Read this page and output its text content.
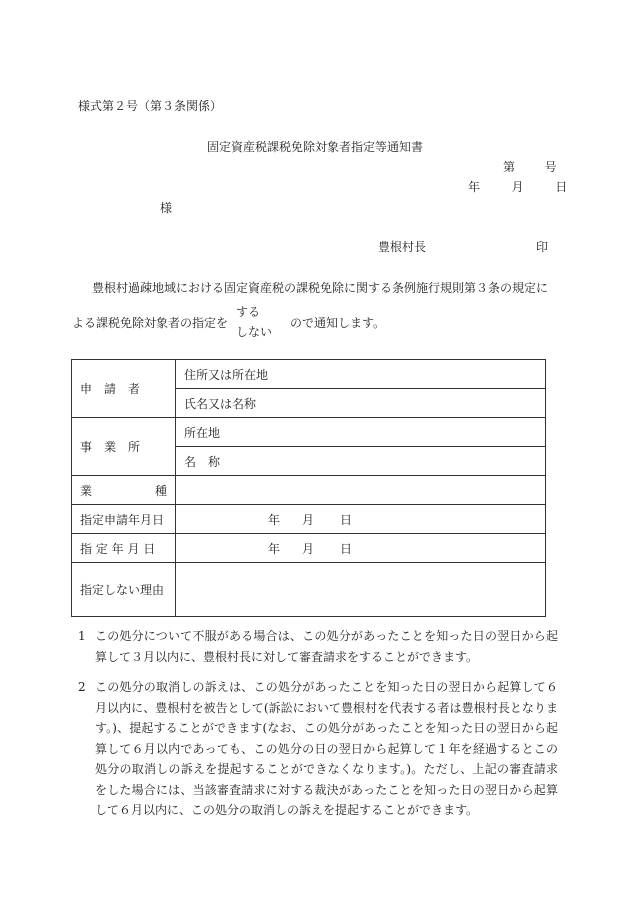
様式第２号（第３条関係）
固定資産税課税免除対象者指定等通知書
第 号
年	月	日
様
豊根村長	印
豊根村過疎地域における固定資産税の課税免除に関する条例施行規則第３条の規定に
よる課税免除対象者の指定を
する
しない
ので通知します。
申　請　者	住所又は所在地
	氏名又は名称
事　業　所	所在地
	名　称

業 種	

指定申請年月日	年 月 日

指 定 年 月 日	年 月 日

指定しない理由	
1 この処分について不服がある場合は、この処分があったことを知った日の翌日から起算して３月以内に、豊根村長に対して審査請求をすることができます。
2 この処分の取消しの訴えは、この処分があったことを知った日の翌日から起算して６月以内に、豊根村を被告として(訴訟において豊根村を代表する者は豊根村長となります。)、提起することができます(なお、この処分があったことを知った日の翌日から起算して６月以内であっても、この処分の日の翌日から起算して１年を経過するとこの処分の取消しの訴えを提起することができなくなります。)。ただし、上記の審査請求をした場合には、当該審査請求に対する裁決があったことを知った日の翌日から起算して６月以内に、この処分の取消しの訴えを提起することができます。
